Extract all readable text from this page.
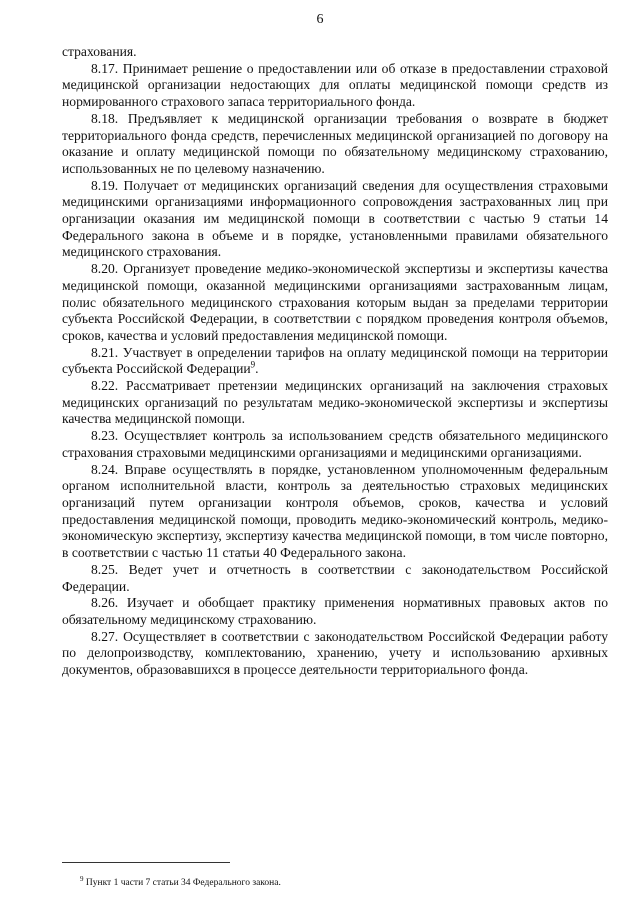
6

страхования.

8.17. Принимает решение о предоставлении или об отказе в предоставлении страховой медицинской организации недостающих для оплаты медицинской помощи средств из нормированного страхового запаса территориального фонда.

8.18. Предъявляет к медицинской организации требования о возврате в бюджет территориального фонда средств, перечисленных медицинской организацией по договору на оказание и оплату медицинской помощи по обязательному медицинскому страхованию, использованных не по целевому назначению.

8.19. Получает от медицинских организаций сведения для осуществления страховыми медицинскими организациями информационного сопровождения застрахованных лиц при организации оказания им медицинской помощи в соответствии с частью 9 статьи 14 Федерального закона в объеме и в порядке, установленными правилами обязательного медицинского страхования.

8.20. Организует проведение медико-экономической экспертизы и экспертизы качества медицинской помощи, оказанной медицинскими организациями застрахованным лицам, полис обязательного медицинского страхования которым выдан за пределами территории субъекта Российской Федерации, в соответствии с порядком проведения контроля объемов, сроков, качества и условий предоставления медицинской помощи.

8.21. Участвует в определении тарифов на оплату медицинской помощи на территории субъекта Российской Федерации$^9$.

8.22. Рассматривает претензии медицинских организаций на заключения страховых медицинских организаций по результатам медико-экономической экспертизы и экспертизы качества медицинской помощи.

8.23. Осуществляет контроль за использованием средств обязательного медицинского страхования страховыми медицинскими организациями и медицинскими организациями.

8.24. Вправе осуществлять в порядке, установленном уполномоченным федеральным органом исполнительной власти, контроль за деятельностью страховых медицинских организаций путем организации контроля объемов, сроков, качества и условий предоставления медицинской помощи, проводить медико-экономический контроль, медико-экономическую экспертизу, экспертизу качества медицинской помощи, в том числе повторно, в соответствии с частью 11 статьи 40 Федерального закона.

8.25. Ведет учет и отчетность в соответствии с законодательством Российской Федерации.

8.26. Изучает и обобщает практику применения нормативных правовых актов по обязательному медицинскому страхованию.

8.27. Осуществляет в соответствии с законодательством Российской Федерации работу по делопроизводству, комплектованию, хранению, учету и использованию архивных документов, образовавшихся в процессе деятельности территориального фонда.

$^9$ Пункт 1 части 7 статьи 34 Федерального закона.
